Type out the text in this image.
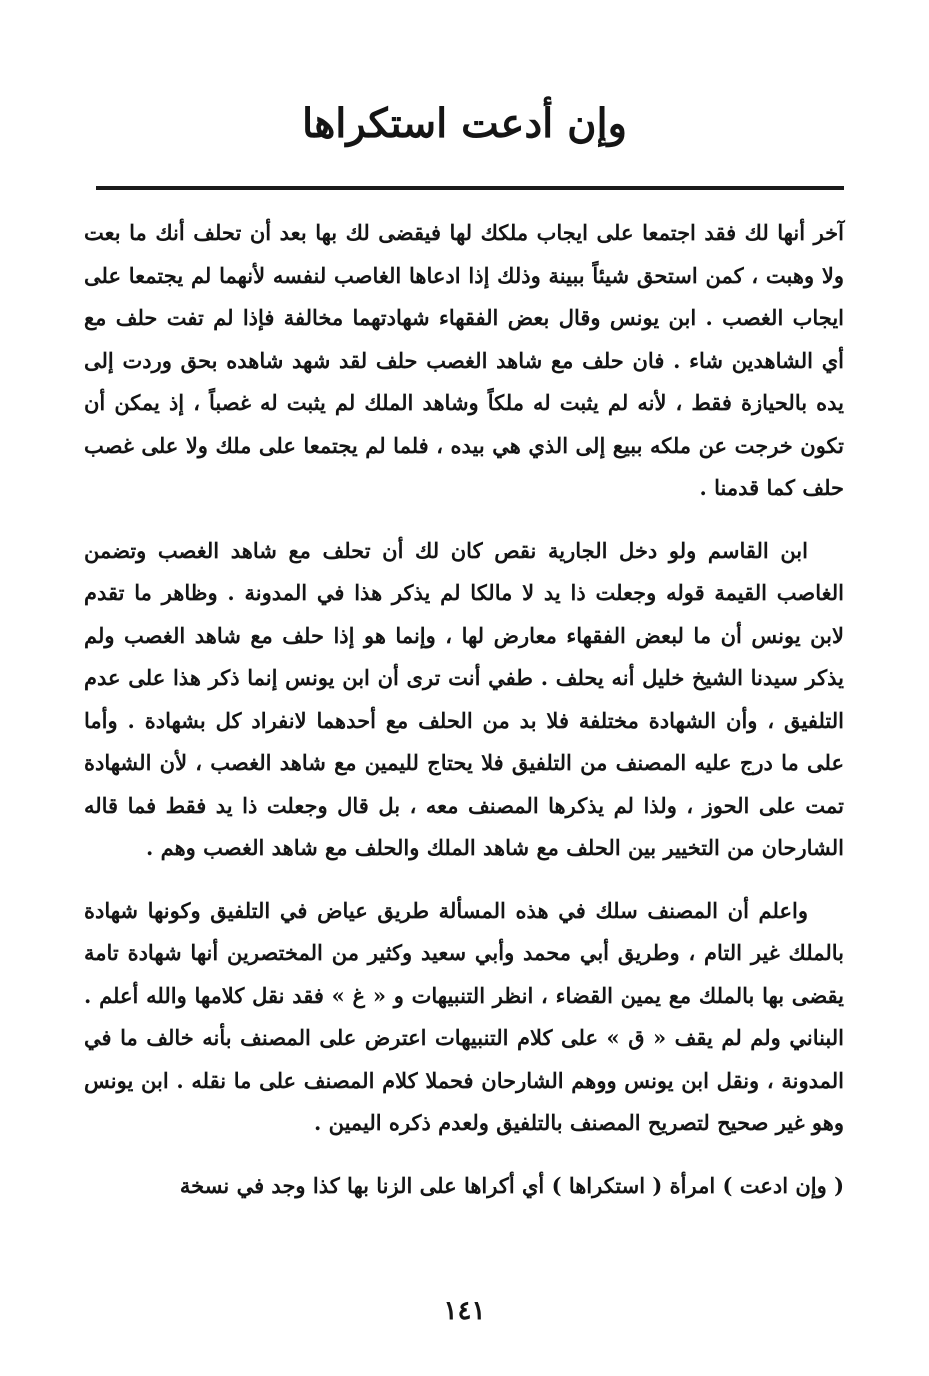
وإن أدعت استكراها

آخر أنها لك فقد اجتمعا على ايجاب ملكك لها فيقضى لك بها بعد أن تحلف أنك ما بعت ولا وهبت ، كمن استحق شيئاً ببينة وذلك إذا ادعاها الغاصب لنفسه لأنهما لم يجتمعا على ايجاب الغصب . ابن يونس وقال بعض الفقهاء شهادتهما مخالفة فإذا لم تفت حلف مع أي الشاهدين شاء . فان حلف مع شاهد الغصب حلف لقد شهد شاهده بحق وردت إلى يده بالحيازة فقط ، لأنه لم يثبت له ملكاً وشاهد الملك لم يثبت له غصباً ، إذ يمكن أن تكون خرجت عن ملكه ببيع إلى الذي هي بيده ، فلما لم يجتمعا على ملك ولا على غصب حلف كما قدمنا .

ابن القاسم ولو دخل الجارية نقص كان لك أن تحلف مع شاهد الغصب وتضمن الغاصب القيمة قوله وجعلت ذا يد لا مالكا لم يذكر هذا في المدونة . وظاهر ما تقدم لابن يونس أن ما لبعض الفقهاء معارض لها ، وإنما هو إذا حلف مع شاهد الغصب ولم يذكر سيدنا الشيخ خليل أنه يحلف . طفي أنت ترى أن ابن يونس إنما ذكر هذا على عدم التلفيق ، وأن الشهادة مختلفة فلا بد من الحلف مع أحدهما لانفراد كل بشهادة . وأما على ما درج عليه المصنف من التلفيق فلا يحتاج لليمين مع شاهد الغصب ، لأن الشهادة تمت على الحوز ، ولذا لم يذكرها المصنف معه ، بل قال وجعلت ذا يد فقط فما قاله الشارحان من التخيير بين الحلف مع شاهد الملك والحلف مع شاهد الغصب وهم .

واعلم أن المصنف سلك في هذه المسألة طريق عياض في التلفيق وكونها شهادة بالملك غير التام ، وطريق أبي محمد وأبي سعيد وكثير من المختصرين أنها شهادة تامة يقضى بها بالملك مع يمين القضاء ، انظر التنبيهات و « غ » فقد نقل كلامها والله أعلم . البناني ولم لم يقف « ق » على كلام التنبيهات اعترض على المصنف بأنه خالف ما في المدونة ، ونقل ابن يونس ووهم الشارحان فحملا كلام المصنف على ما نقله . ابن يونس وهو غير صحيح لتصريح المصنف بالتلفيق ولعدم ذكره اليمين .

( وإن ادعت ) امرأة ( استكراها ) أي أكراها على الزنا بها كذا وجد في نسخة

١٤١
